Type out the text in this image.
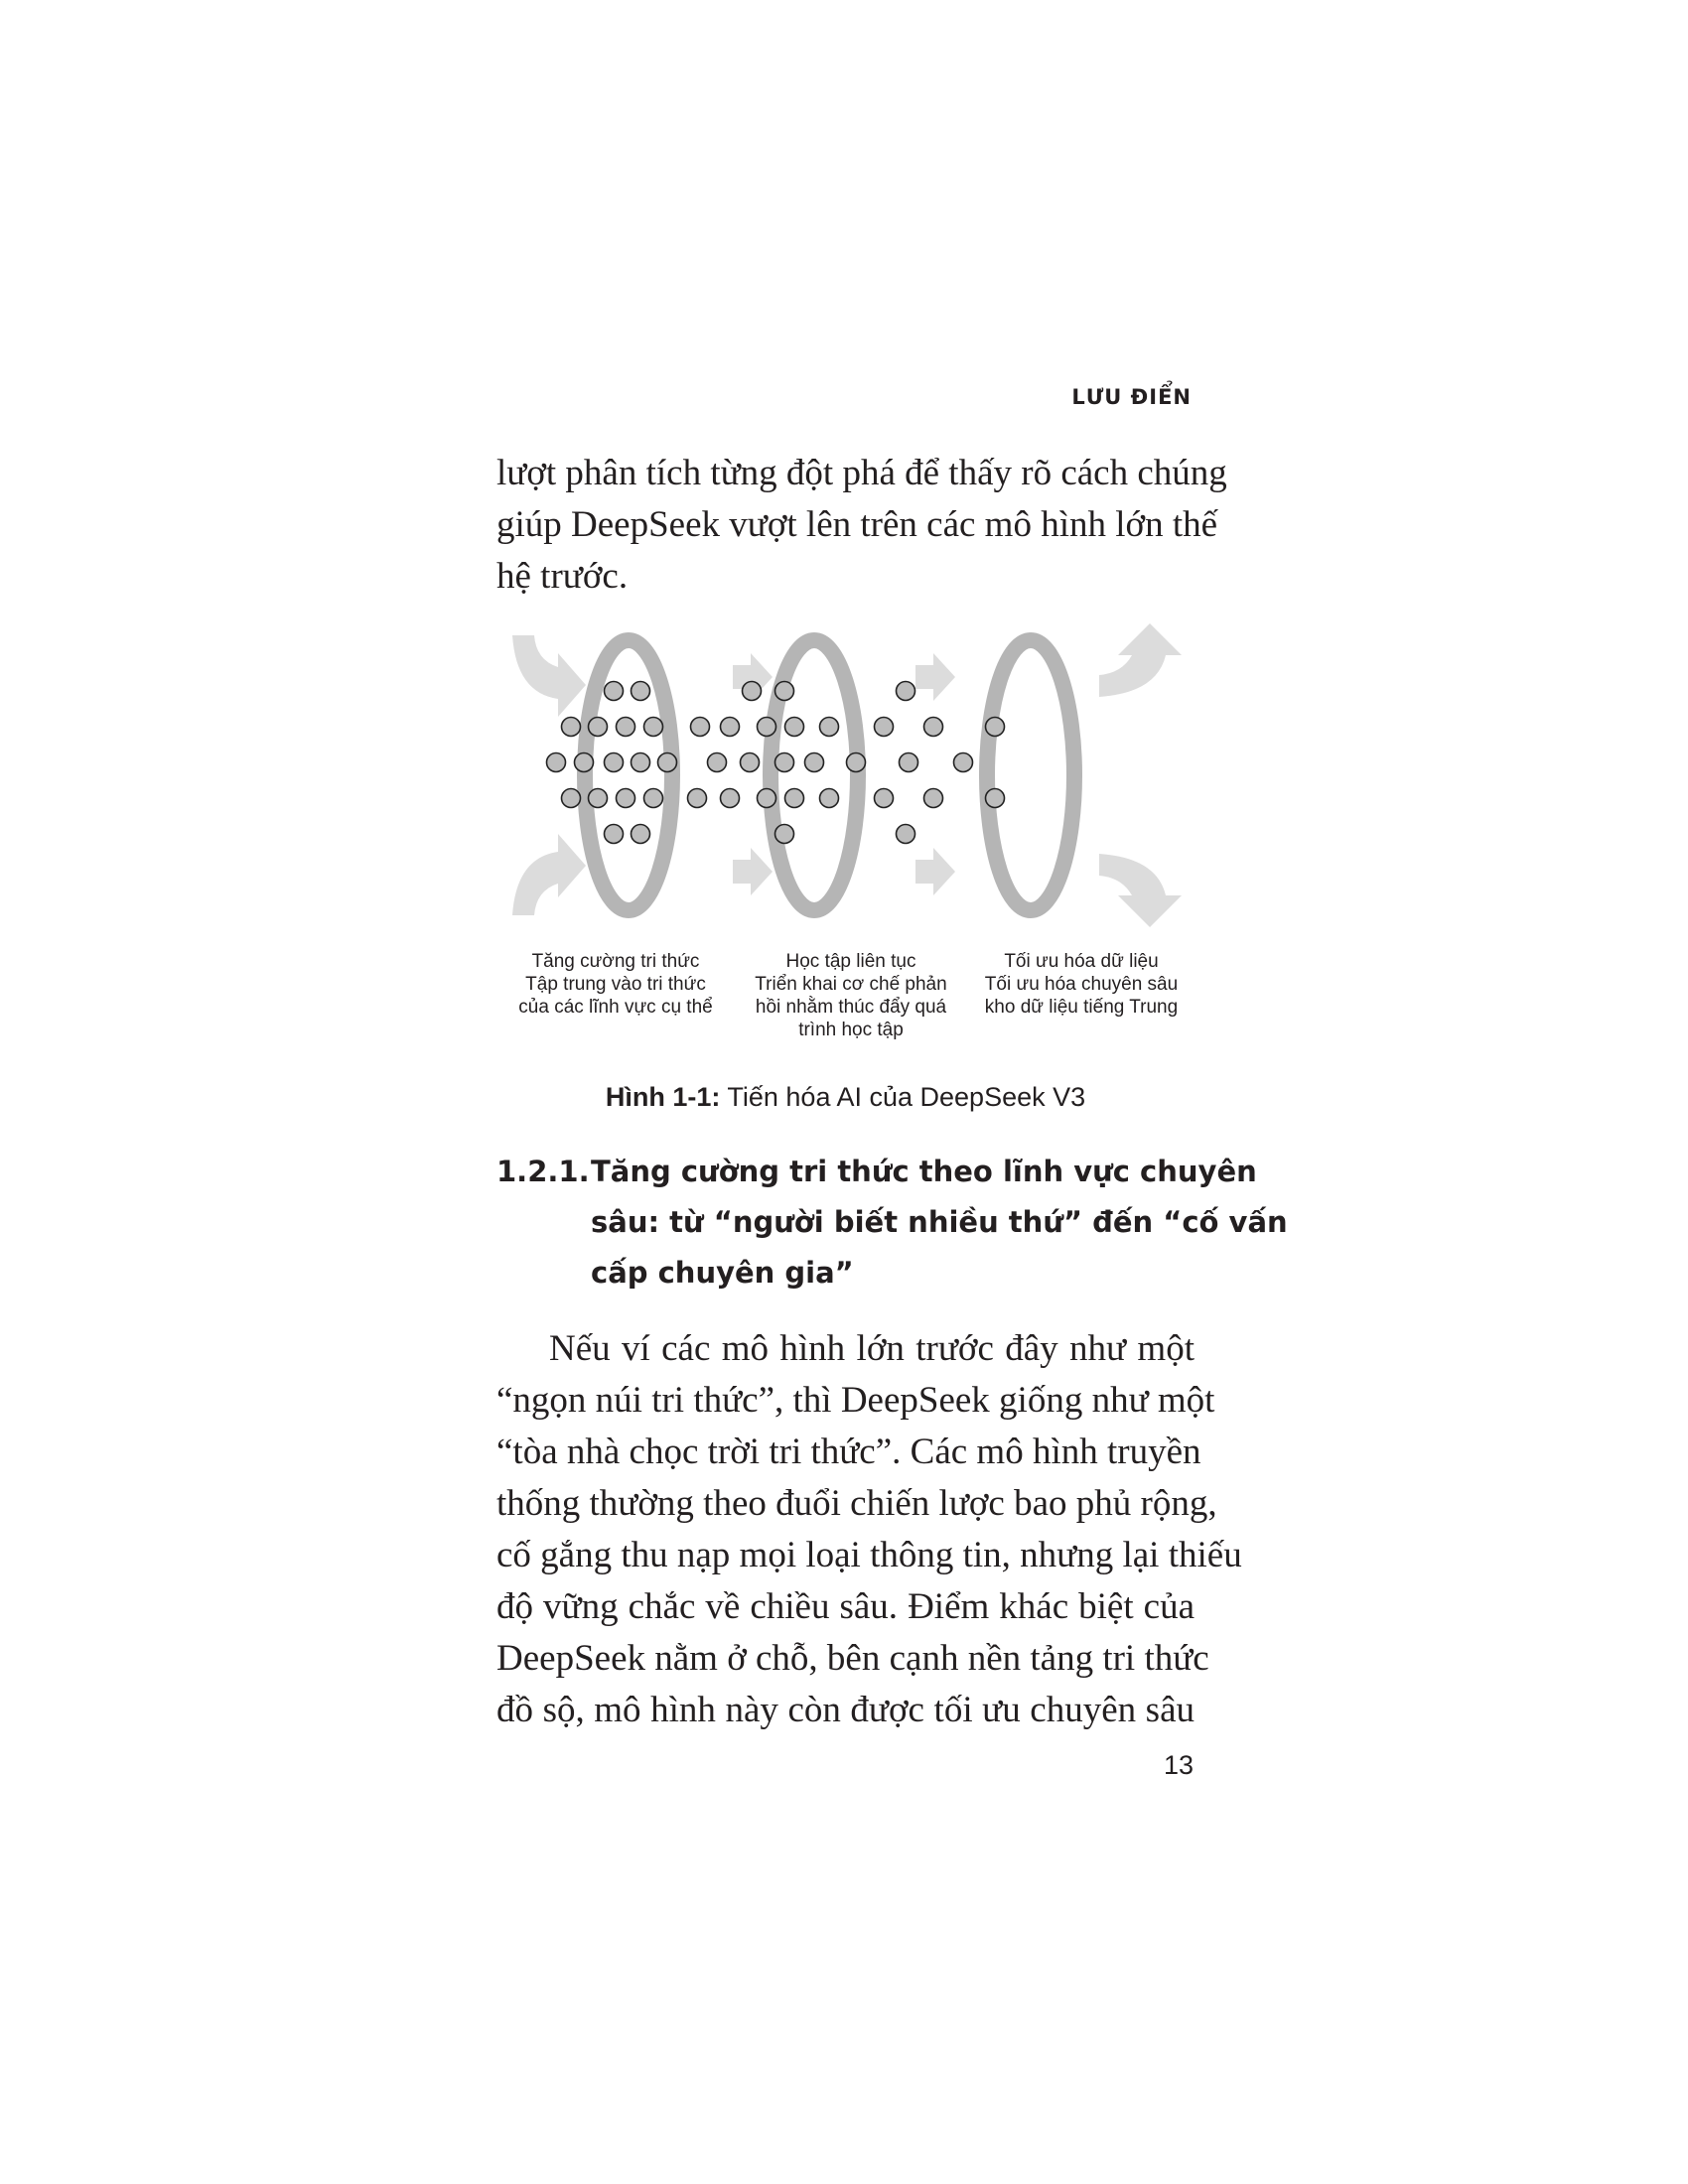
LƯU ĐIỂN
lượt phân tích từng đột phá để thấy rõ cách chúng
giúp DeepSeek vượt lên trên các mô hình lớn thế
hệ trước.
Tăng cường tri thức
Tập trung vào tri thức
của các lĩnh vực cụ thể
Học tập liên tục
Triển khai cơ chế phản
hồi nhằm thúc đẩy quá
trình học tập
Tối ưu hóa dữ liệu
Tối ưu hóa chuyên sâu
kho dữ liệu tiếng Trung
Hình 1-1: Tiến hóa AI của DeepSeek V3
1.2.1. Tăng cường tri thức theo lĩnh vực chuyên
sâu: từ “người biết nhiều thứ” đến “cố vấn
cấp chuyên gia”
Nếu ví các mô hình lớn trước đây như một
“ngọn núi tri thức”, thì DeepSeek giống như một
“tòa nhà chọc trời tri thức”. Các mô hình truyền
thống thường theo đuổi chiến lược bao phủ rộng,
cố gắng thu nạp mọi loại thông tin, nhưng lại thiếu
độ vững chắc về chiều sâu. Điểm khác biệt của
DeepSeek nằm ở chỗ, bên cạnh nền tảng tri thức
đồ sộ, mô hình này còn được tối ưu chuyên sâu
13
